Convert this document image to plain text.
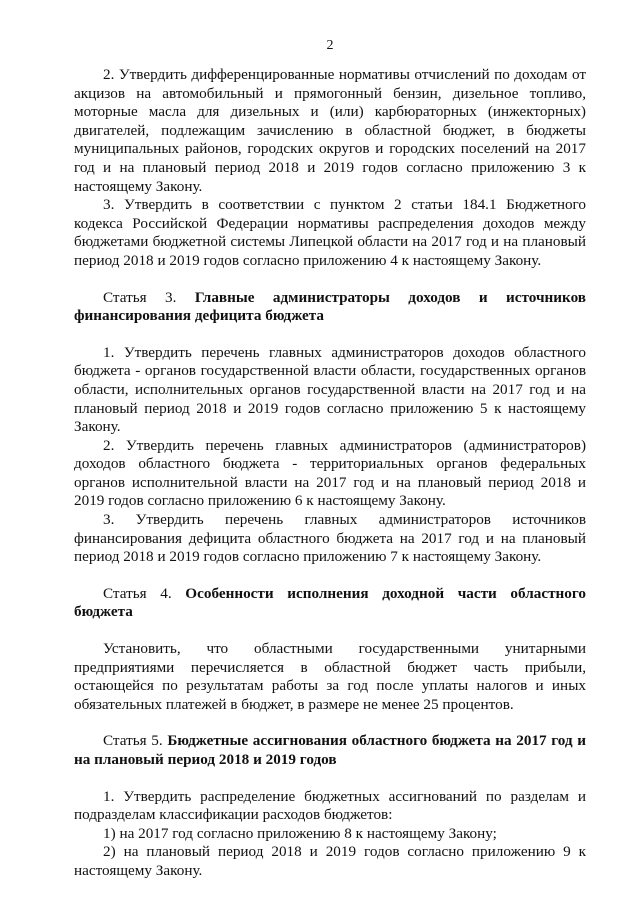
2

2. Утвердить дифференцированные нормативы отчислений по доходам от акцизов на автомобильный и прямогонный бензин, дизельное топливо, моторные масла для дизельных и (или) карбюраторных (инжекторных) двигателей, подлежащим зачислению в областной бюджет, в бюджеты муниципальных районов, городских округов и городских поселений на 2017 год и на плановый период 2018 и 2019 годов согласно приложению 3 к настоящему Закону.

3. Утвердить в соответствии с пунктом 2 статьи 184.1 Бюджетного кодекса Российской Федерации нормативы распределения доходов между бюджетами бюджетной системы Липецкой области на 2017 год и на плановый период 2018 и 2019 годов согласно приложению 4 к настоящему Закону.

Статья 3. Главные администраторы доходов и источников финансирования дефицита бюджета

1. Утвердить перечень главных администраторов доходов областного бюджета - органов государственной власти области, государственных органов области, исполнительных органов государственной власти на 2017 год и на плановый период 2018 и 2019 годов согласно приложению 5 к настоящему Закону.

2. Утвердить перечень главных администраторов (администраторов) доходов областного бюджета - территориальных органов федеральных органов исполнительной власти на 2017 год и на плановый период 2018 и 2019 годов согласно приложению 6 к настоящему Закону.

3. Утвердить перечень главных администраторов источников финансирования дефицита областного бюджета на 2017 год и на плановый период 2018 и 2019 годов согласно приложению 7 к настоящему Закону.

Статья 4. Особенности исполнения доходной части областного бюджета

Установить, что областными государственными унитарными предприятиями перечисляется в областной бюджет часть прибыли, остающейся по результатам работы за год после уплаты налогов и иных обязательных платежей в бюджет, в размере не менее 25 процентов.

Статья 5. Бюджетные ассигнования областного бюджета на 2017 год и на плановый период 2018 и 2019 годов

1. Утвердить распределение бюджетных ассигнований по разделам и подразделам классификации расходов бюджетов:

1) на 2017 год согласно приложению 8 к настоящему Закону;

2) на плановый период 2018 и 2019 годов согласно приложению 9 к настоящему Закону.
